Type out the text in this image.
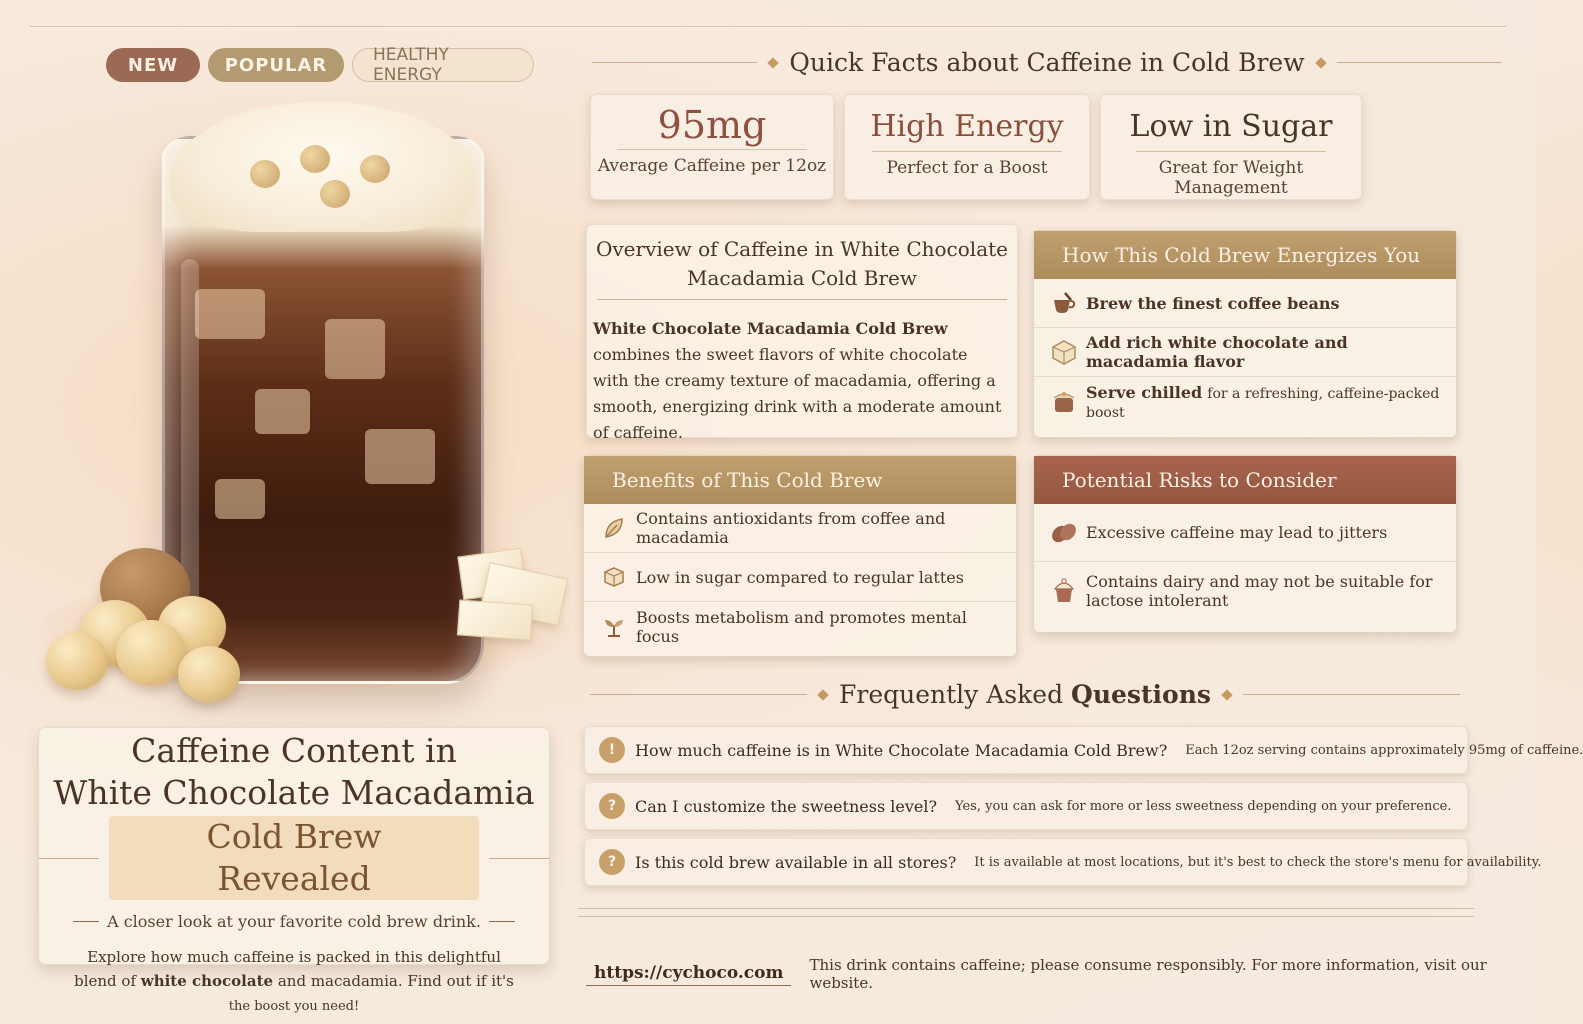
NEW	POPULAR	HEALTHY ENERGY
Caffeine Content in
White Chocolate Macadamia
Cold Brew Revealed
A closer look at your favorite cold brew drink.
Explore how much caffeine is packed in this delightful blend of white chocolate and macadamia. Find out if it's the boost you need!
Quick Facts about Caffeine in Cold Brew
95mg
Average Caffeine per 12oz
High Energy
Perfect for a Boost
Low in Sugar
Great for Weight Management
Overview of Caffeine in White Chocolate Macadamia Cold Brew

White Chocolate Macadamia Cold Brew combines the sweet flavors of white chocolate with the creamy texture of macadamia, offering a smooth, energizing drink with a moderate amount of caffeine.

How This Cold Brew Energizes You
Brew the finest coffee beans
Add rich white chocolate and macadamia flavor
Serve chilled for a refreshing, caffeine-packed boost
Benefits of This Cold Brew
Contains antioxidants from coffee and macadamia
Low in sugar compared to regular lattes
Boosts metabolism and promotes mental focus
Potential Risks to Consider
Excessive caffeine may lead to jitters
Contains dairy and may not be suitable for lactose intolerant
Frequently Asked Questions
!	How much caffeine is in White Chocolate Macadamia Cold Brew? Each 12oz serving contains approximately 95mg of caffeine.
?	Can I customize the sweetness level? Yes, you can ask for more or less sweetness depending on your preference.
?	Is this cold brew available in all stores? It is available at most locations, but it's best to check the store's menu for availability.
https://cychoco.com	This drink contains caffeine; please consume responsibly. For more information, visit our website.
